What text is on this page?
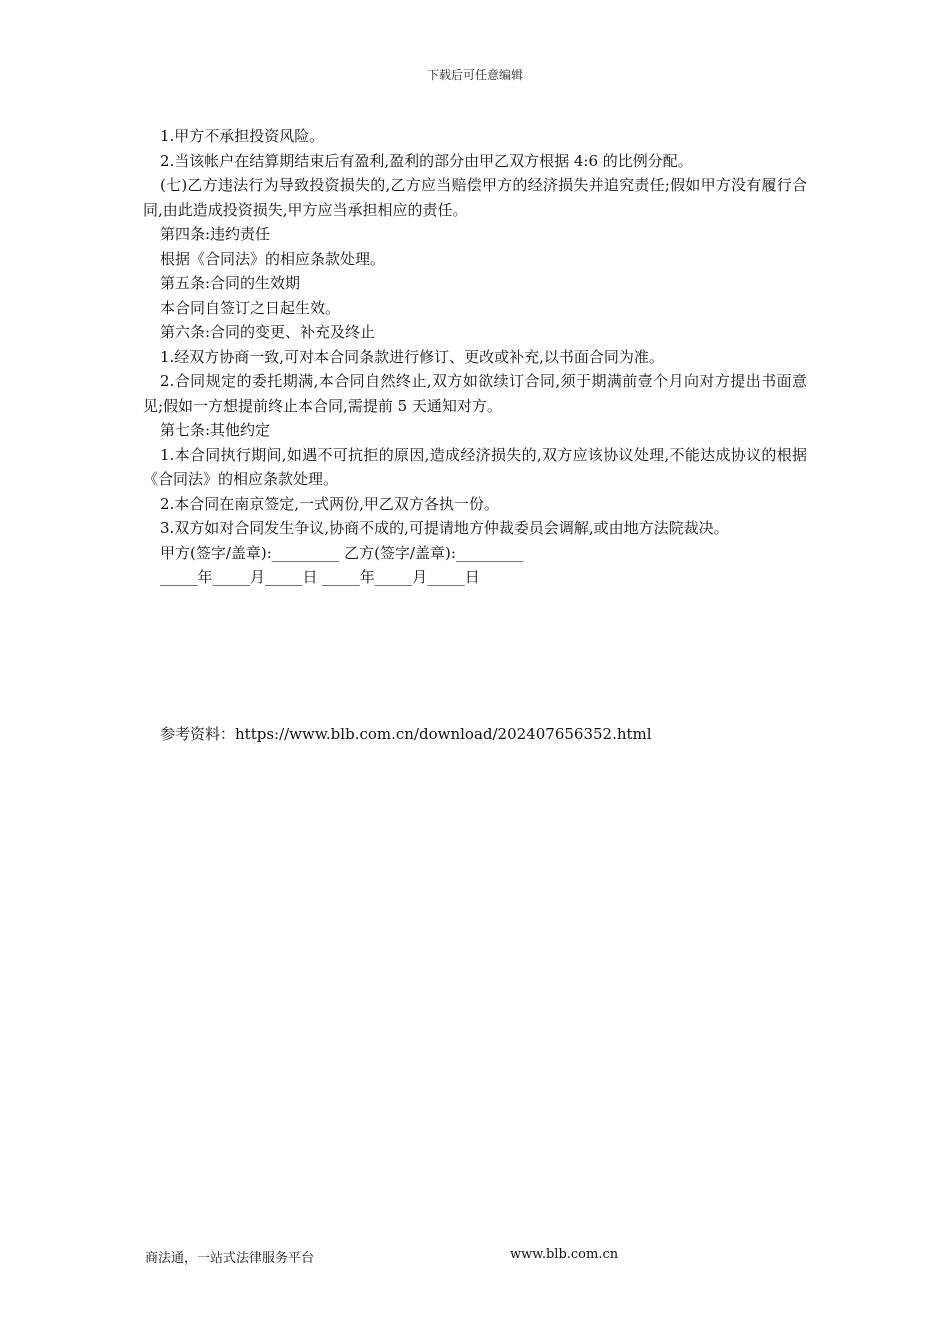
下载后可任意编辑

1.甲方不承担投资风险。

2.当该帐户在结算期结束后有盈利,盈利的部分由甲乙双方根据 4:6 的比例分配。

(七)乙方违法行为导致投资损失的,乙方应当赔偿甲方的经济损失并追究责任;假如甲方没有履行合同,由此造成投资损失,甲方应当承担相应的责任。

第四条:违约责任

根据《合同法》的相应条款处理。

第五条:合同的生效期

本合同自签订之日起生效。

第六条:合同的变更、补充及终止

1.经双方协商一致,可对本合同条款进行修订、更改或补充,以书面合同为准。

2.合同规定的委托期满,本合同自然终止,双方如欲续订合同,须于期满前壹个月向对方提出书面意见;假如一方想提前终止本合同,需提前 5 天通知对方。

第七条:其他约定

1.本合同执行期间,如遇不可抗拒的原因,造成经济损失的,双方应该协议处理,不能达成协议的根据《合同法》的相应条款处理。

2.本合同在南京签定,一式两份,甲乙双方各执一份。

3.双方如对合同发生争议,协商不成的,可提请地方仲裁委员会调解,或由地方法院裁决。

甲方(签字/盖章):_________ 乙方(签字/盖章):_________

_____年_____月_____日 _____年_____月_____日

参考资料：https://www.blb.com.cn/download/202407656352.html
商法通，一站式法律服务平台	www.blb.com.cn
